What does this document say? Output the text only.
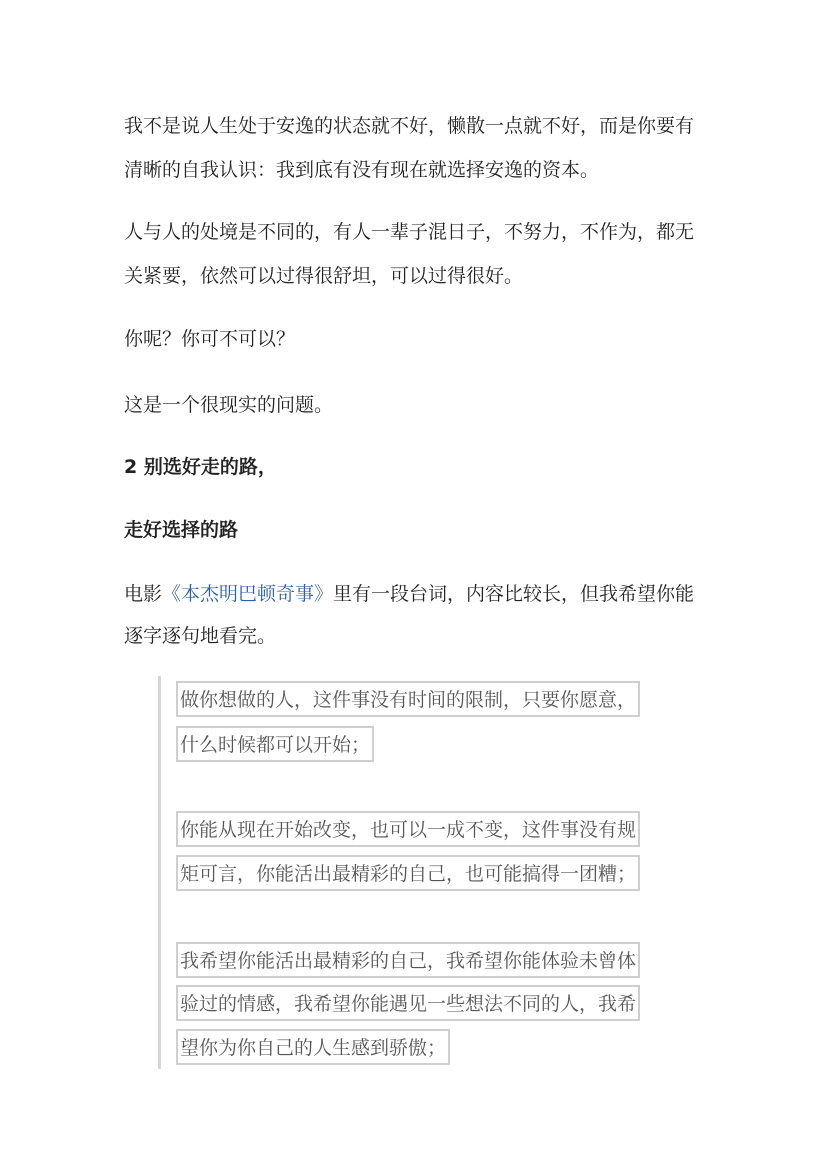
我不是说人生处于安逸的状态就不好，懒散一点就不好，而是你要有

清晰的自我认识：我到底有没有现在就选择安逸的资本。

人与人的处境是不同的，有人一辈子混日子，不努力，不作为，都无

关紧要，依然可以过得很舒坦，可以过得很好。

你呢？你可不可以？

这是一个很现实的问题。

2 别选好走的路，

走好选择的路

电影《本杰明巴顿奇事》里有一段台词，内容比较长，但我希望你能

逐字逐句地看完。

做你想做的人，这件事没有时间的限制，只要你愿意，
什么时候都可以开始；
你能从现在开始改变，也可以一成不变，这件事没有规
矩可言，你能活出最精彩的自己，也可能搞得一团糟；
我希望你能活出最精彩的自己，我希望你能体验未曾体
验过的情感，我希望你能遇见一些想法不同的人，我希
望你为你自己的人生感到骄傲；
